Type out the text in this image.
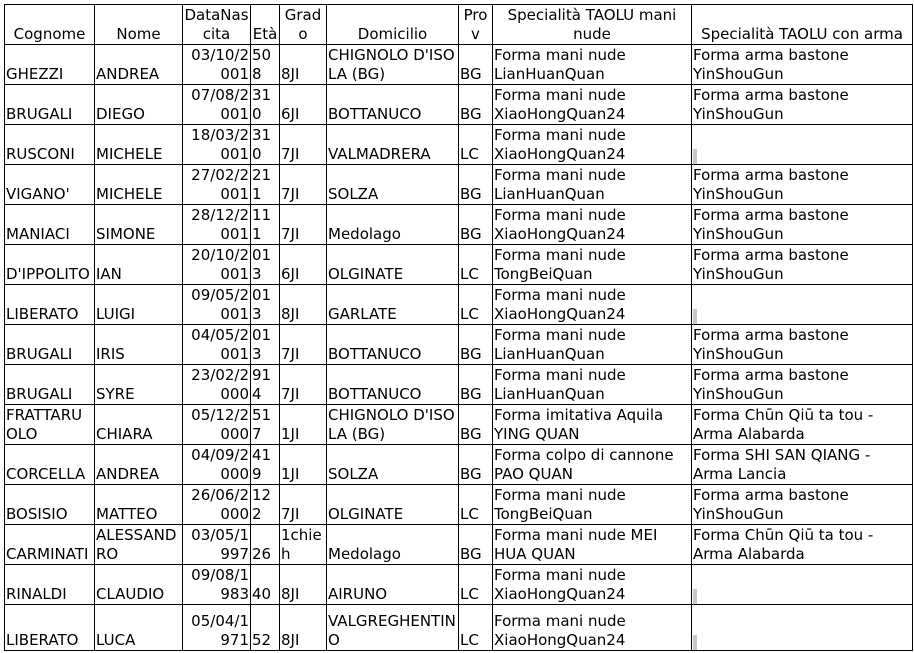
Cognome	Nome	DataNascita	Età	Grado	Domicilio	Prov	Specialità TAOLU mani nude	Specialità TAOLU con arma
GHEZZI	ANDREA	03/10/2001	508	8JI	CHIGNOLO D'ISOLA (BG)	BG	Forma mani nude LianHuanQuan	Forma arma bastone YinShouGun
BRUGALI	DIEGO	07/08/2001	310	6JI	BOTTANUCO	BG	Forma mani nude XiaoHongQuan24	Forma arma bastone YinShouGun
RUSCONI	MICHELE	18/03/2001	310	7JI	VALMADRERA	LC	Forma mani nude XiaoHongQuan24	
VIGANO'	MICHELE	27/02/2001	211	7JI	SOLZA	BG	Forma mani nude LianHuanQuan	Forma arma bastone YinShouGun
MANIACI	SIMONE	28/12/2001	111	7JI	Medolago	BG	Forma mani nude XiaoHongQuan24	Forma arma bastone YinShouGun
D'IPPOLITO	IAN	20/10/2001	013	6JI	OLGINATE	LC	Forma mani nude TongBeiQuan	Forma arma bastone YinShouGun
LIBERATO	LUIGI	09/05/2001	013	8JI	GARLATE	LC	Forma mani nude XiaoHongQuan24	
BRUGALI	IRIS	04/05/2001	013	7JI	BOTTANUCO	BG	Forma mani nude LianHuanQuan	Forma arma bastone YinShouGun
BRUGALI	SYRE	23/02/2000	914	7JI	BOTTANUCO	BG	Forma mani nude LianHuanQuan	Forma arma bastone YinShouGun
FRATTARUOLO	CHIARA	05/12/2000	517	1JI	CHIGNOLO D'ISOLA (BG)	BG	Forma imitativa Aquila YING QUAN	Forma Chūn Qiū ta tou - Arma Alabarda
CORCELLA	ANDREA	04/09/2000	419	1JI	SOLZA	BG	Forma colpo di cannone PAO QUAN	Forma SHI SAN QIANG - Arma Lancia
BOSISIO	MATTEO	26/06/2000	122	7JI	OLGINATE	LC	Forma mani nude TongBeiQuan	Forma arma bastone YinShouGun
CARMINATI	ALESSANDRO	03/05/1997	26	1chieh	Medolago	BG	Forma mani nude MEI HUA QUAN	Forma Chūn Qiū ta tou - Arma Alabarda
RINALDI	CLAUDIO	09/08/1983	40	8JI	AIRUNO	LC	Forma mani nude XiaoHongQuan24	
LIBERATO	LUCA	05/04/1971	52	8JI	VALGREGHENTINO	LC	Forma mani nude XiaoHongQuan24	
